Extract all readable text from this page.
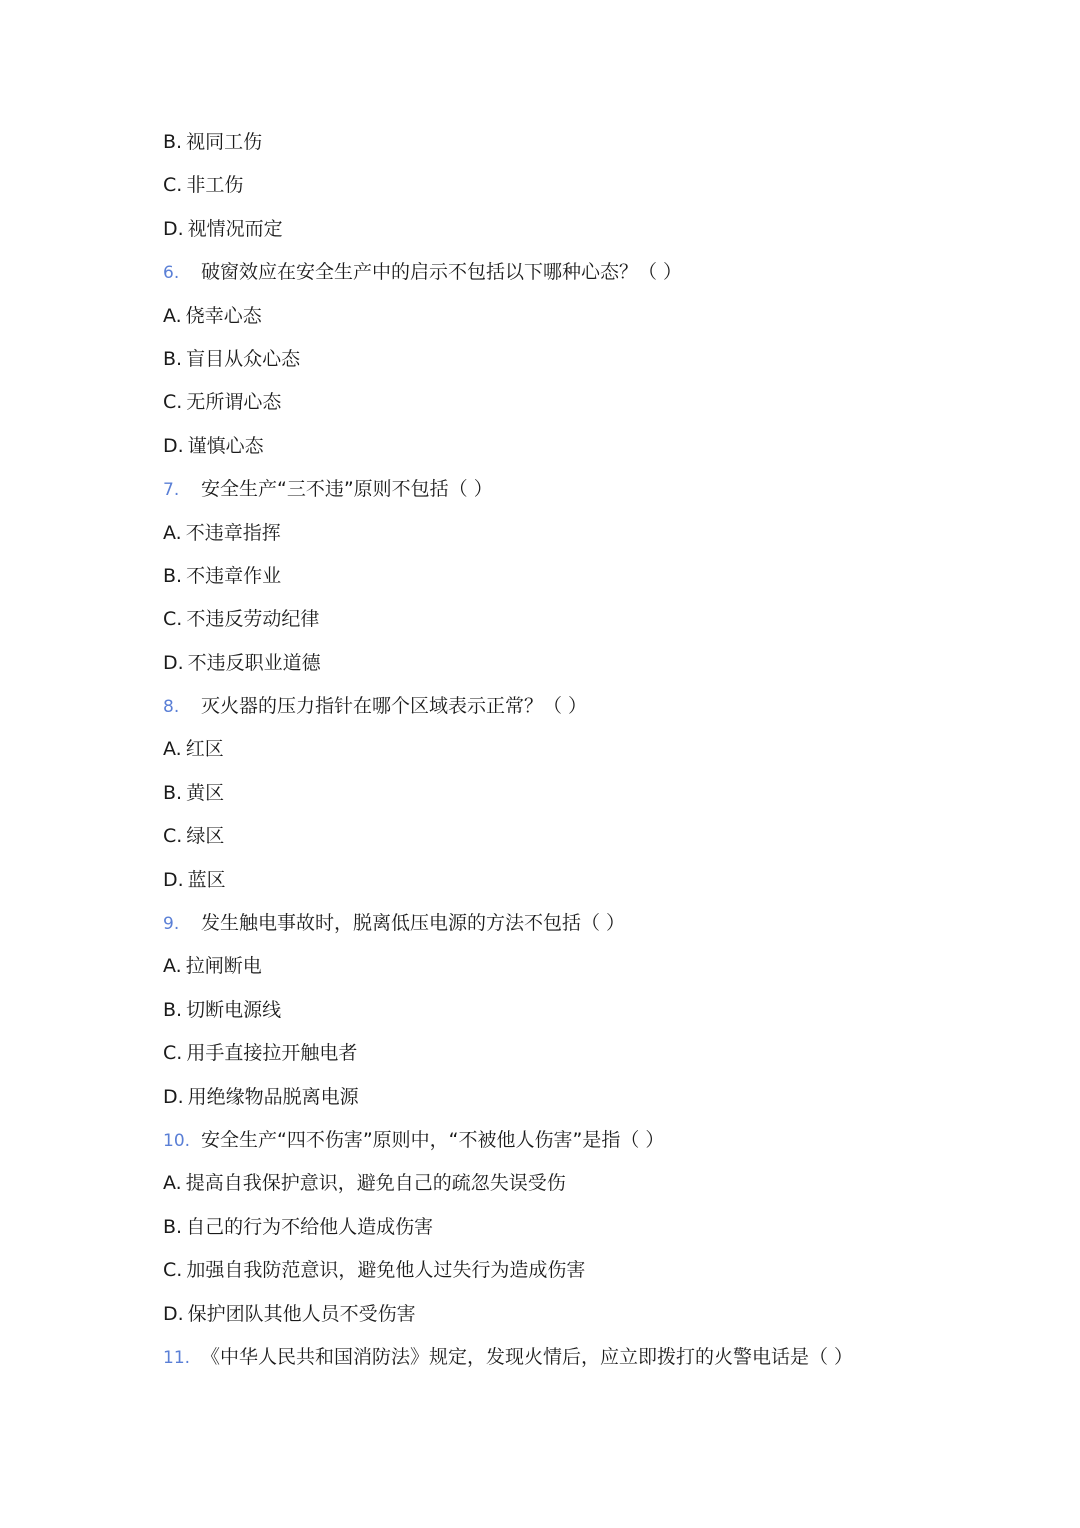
B. 视同工伤
C. 非工伤
D. 视情况而定
6. 破窗效应在安全生产中的启示不包括以下哪种心态？（ ）
A. 侥幸心态
B. 盲目从众心态
C. 无所谓心态
D. 谨慎心态
7. 安全生产“三不违”原则不包括（ ）
A. 不违章指挥
B. 不违章作业
C. 不违反劳动纪律
D. 不违反职业道德
8. 灭火器的压力指针在哪个区域表示正常？（ ）
A. 红区
B. 黄区
C. 绿区
D. 蓝区
9. 发生触电事故时，脱离低压电源的方法不包括（ ）
A. 拉闸断电
B. 切断电源线
C. 用手直接拉开触电者
D. 用绝缘物品脱离电源
10. 安全生产“四不伤害”原则中，“不被他人伤害”是指（ ）
A. 提高自我保护意识，避免自己的疏忽失误受伤
B. 自己的行为不给他人造成伤害
C. 加强自我防范意识，避免他人过失行为造成伤害
D. 保护团队其他人员不受伤害
11. 《中华人民共和国消防法》规定，发现火情后，应立即拨打的火警电话是（ ）
